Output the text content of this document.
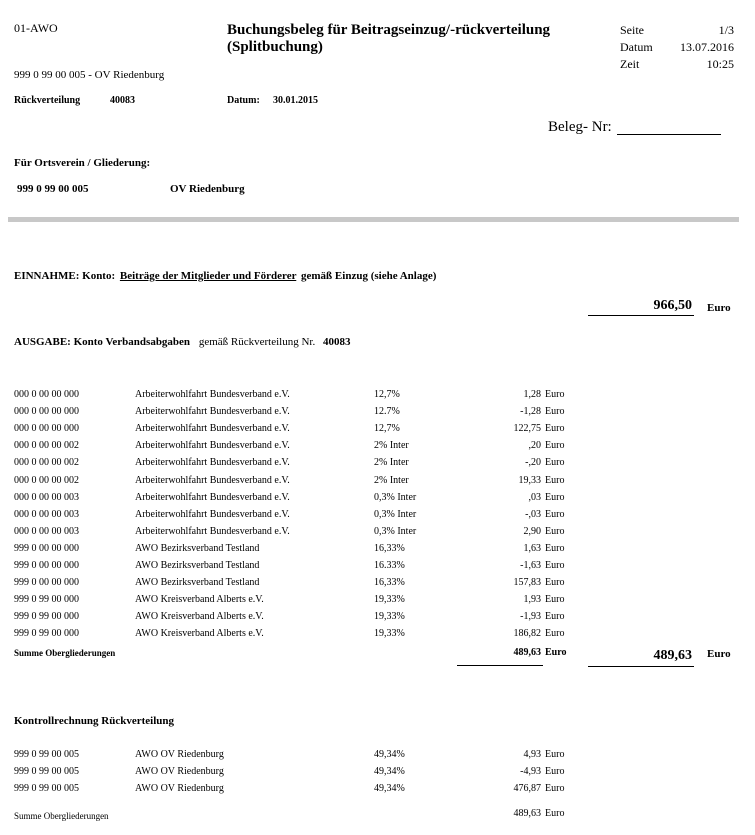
01-AWO	Buchungsbeleg für Beitragseinzug/-rückverteilung
(Splitbuchung)
Seite	1/3
Datum	13.07.2016
Zeit	10:25
999 0 99 00 005 - OV Riedenburg
Rückverteilung	40083	Datum: 30.01.2015
Beleg- Nr:
Für Ortsverein / Gliederung:
999 0 99 00 005	OV Riedenburg
EINNAHME: Konto: Beiträge der Mitglieder und Förderer gemäß Einzug (siehe Anlage)
966,50 Euro
AUSGABE: Konto Verbandsabgaben gemäß Rückverteilung Nr. 40083
000 0 00 00 000	Arbeiterwohlfahrt Bundesverband e.V.	12,7%	1,28 Euro
000 0 00 00 000	Arbeiterwohlfahrt Bundesverband e.V.	12.7%	-1,28 Euro
000 0 00 00 000	Arbeiterwohlfahrt Bundesverband e.V.	12,7%	122,75 Euro
000 0 00 00 002	Arbeiterwohlfahrt Bundesverband e.V.	2% Inter	,20 Euro
000 0 00 00 002	Arbeiterwohlfahrt Bundesverband e.V.	2% Inter	-,20 Euro
000 0 00 00 002	Arbeiterwohlfahrt Bundesverband e.V.	2% Inter	19,33 Euro
000 0 00 00 003	Arbeiterwohlfahrt Bundesverband e.V.	0,3% Inter	,03 Euro
000 0 00 00 003	Arbeiterwohlfahrt Bundesverband e.V.	0,3% Inter	-,03 Euro
000 0 00 00 003	Arbeiterwohlfahrt Bundesverband e.V.	0,3% Inter	2,90 Euro
999 0 00 00 000	AWO Bezirksverband Testland	16,33%	1,63 Euro
999 0 00 00 000	AWO Bezirksverband Testland	16.33%	-1,63 Euro
999 0 00 00 000	AWO Bezirksverband Testland	16,33%	157,83 Euro
999 0 99 00 000	AWO Kreisverband Alberts e.V.	19,33%	1,93 Euro
999 0 99 00 000	AWO Kreisverband Alberts e.V.	19,33%	-1,93 Euro
999 0 99 00 000	AWO Kreisverband Alberts e.V.	19,33%	186,82 Euro
Summe Obergliederungen	489,63 Euro	489,63 Euro
Kontrollrechnung Rückverteilung
999 0 99 00 005	AWO OV Riedenburg	49,34%	4,93 Euro
999 0 99 00 005	AWO OV Riedenburg	49,34%	-4,93 Euro
999 0 99 00 005	AWO OV Riedenburg	49,34%	476,87 Euro
Summe Obergliederungen	489,63 Euro
